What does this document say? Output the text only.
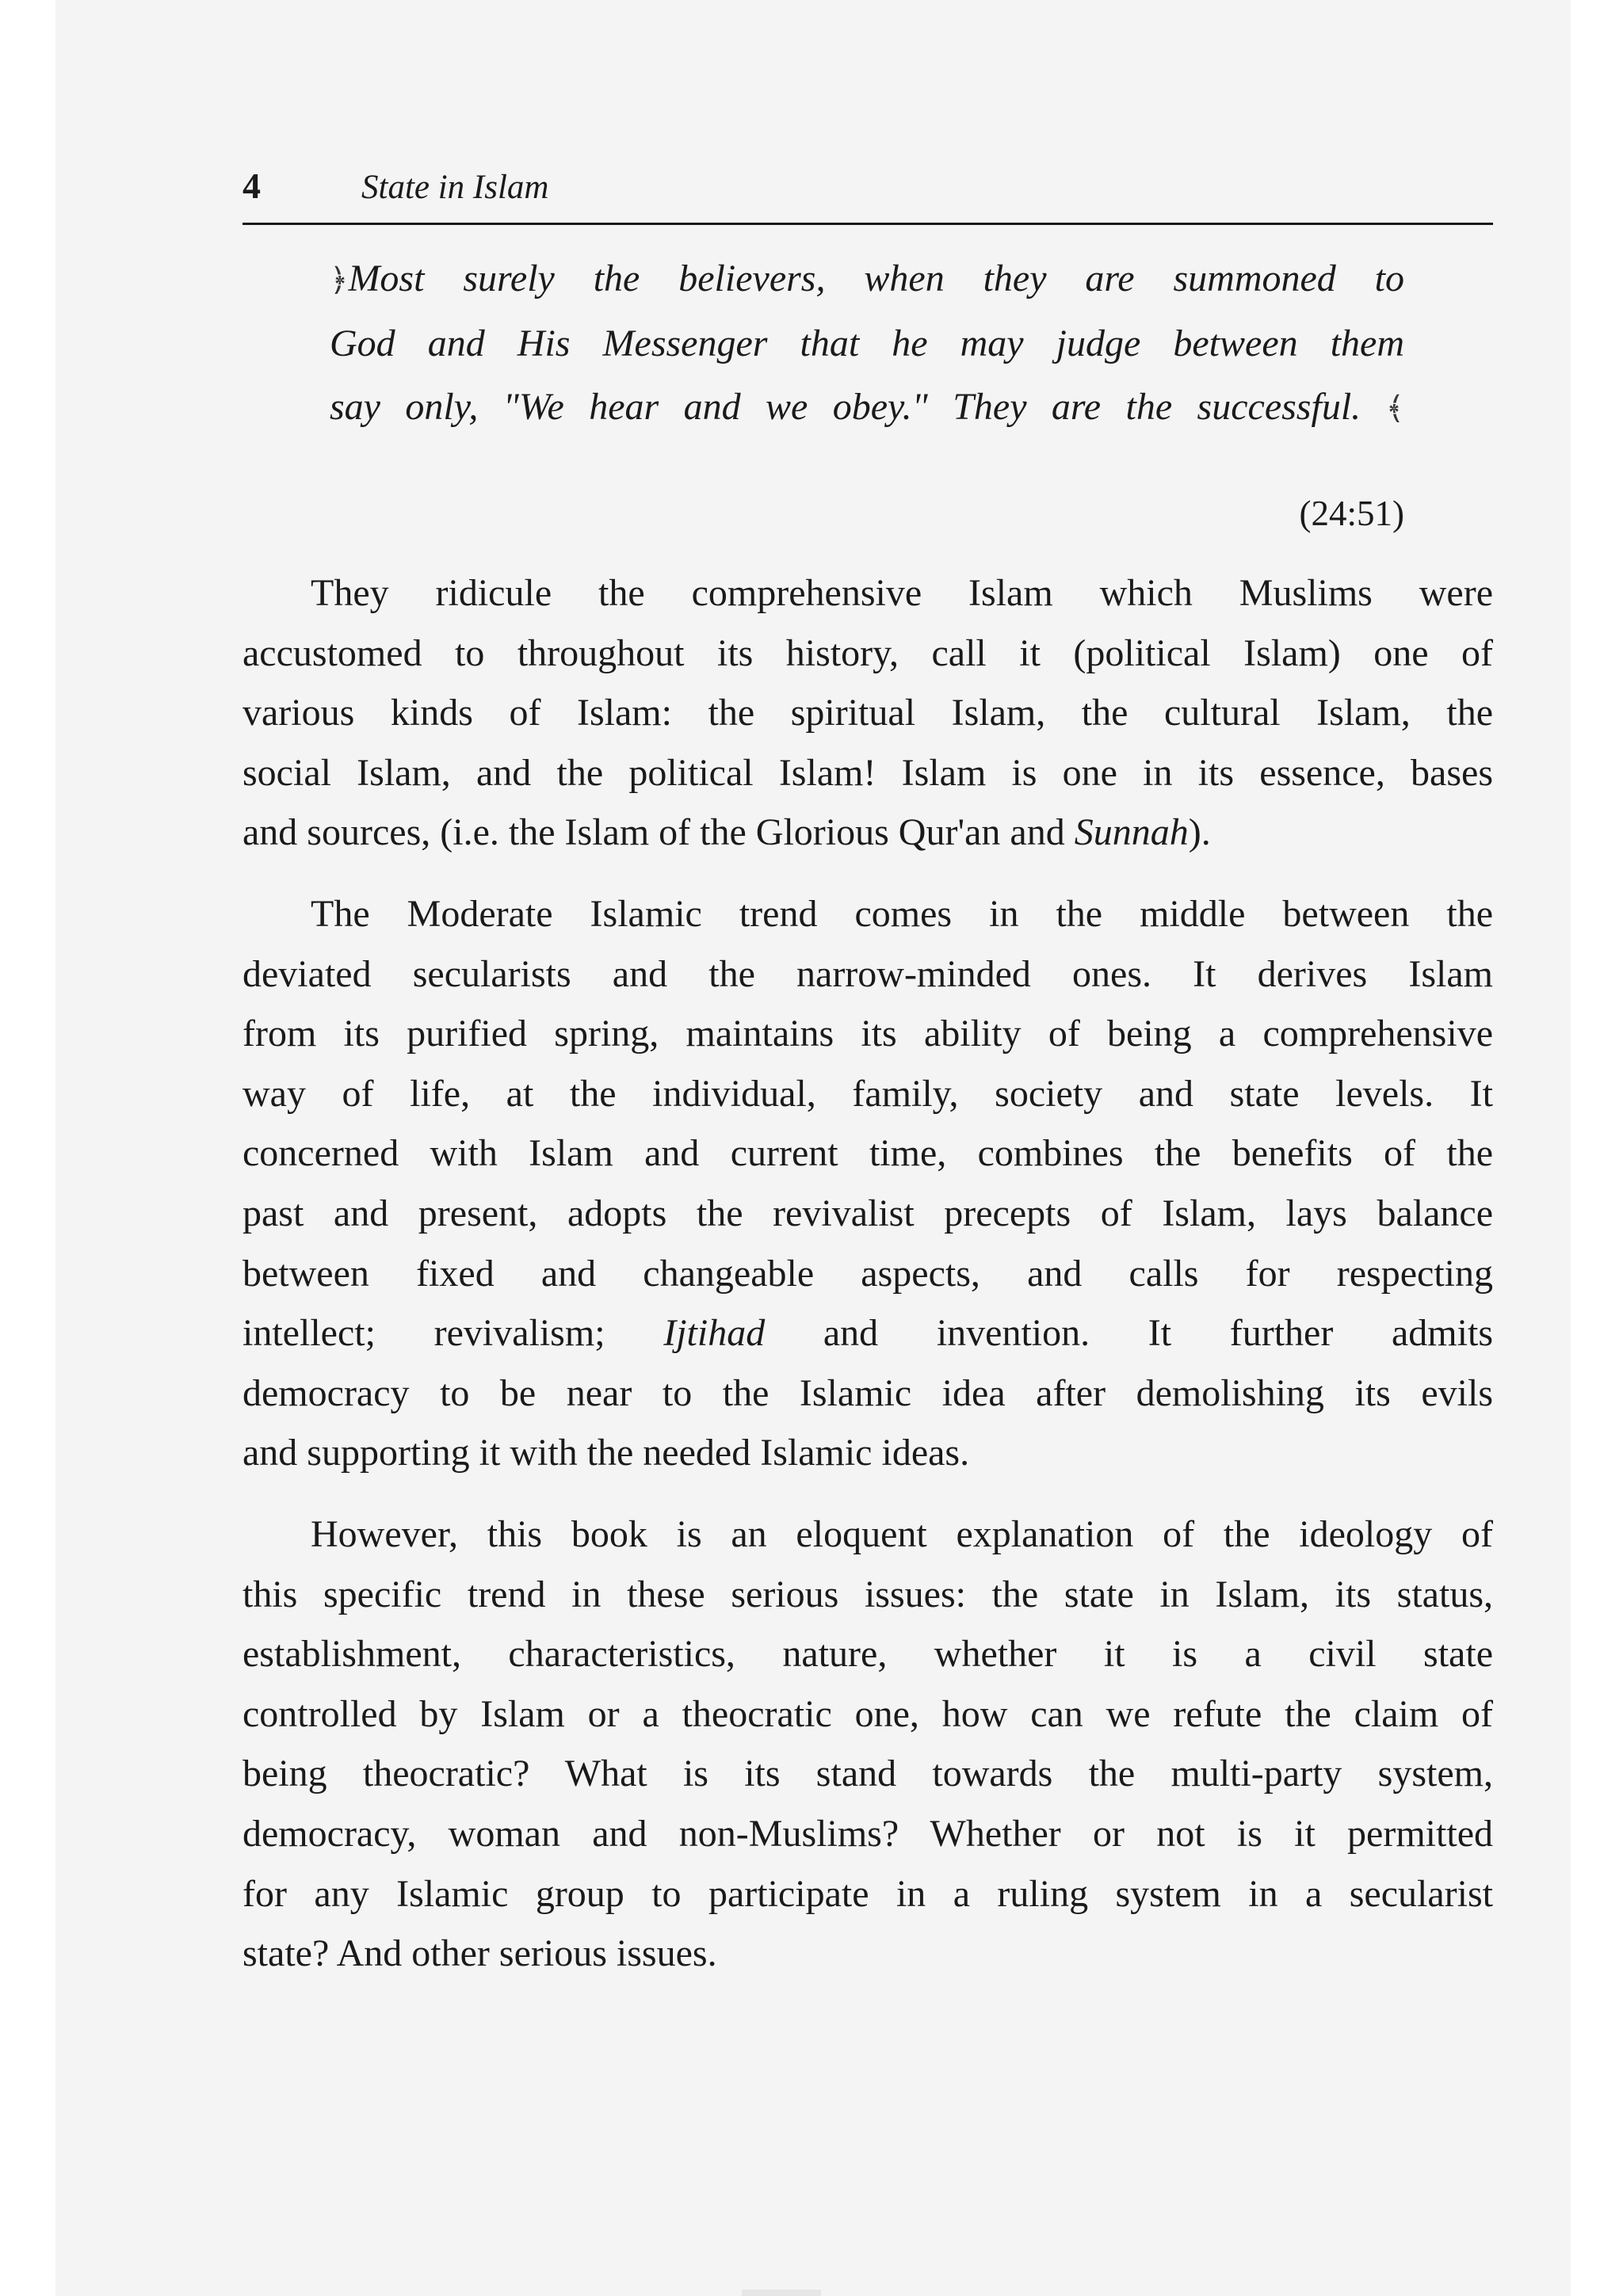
4	State in Islam
﴿Most surely the believers, when they are summoned to
God and His Messenger that he may judge between them
say only, "We hear and we obey." They are the successful. ﴾
(24:51)
They ridicule the comprehensive Islam which Muslims were
accustomed to throughout its history, call it (political Islam) one of
various kinds of Islam: the spiritual Islam, the cultural Islam, the
social Islam, and the political Islam! Islam is one in its essence, bases
and sources, (i.e. the Islam of the Glorious Qur'an and Sunnah).
The Moderate Islamic trend comes in the middle between the
deviated secularists and the narrow-minded ones. It derives Islam
from its purified spring, maintains its ability of being a comprehensive
way of life, at the individual, family, society and state levels. It
concerned with Islam and current time, combines the benefits of the
past and present, adopts the revivalist precepts of Islam, lays balance
between fixed and changeable aspects, and calls for respecting
intellect; revivalism; Ijtihad and invention. It further admits
democracy to be near to the Islamic idea after demolishing its evils
and supporting it with the needed Islamic ideas.
However, this book is an eloquent explanation of the ideology of
this specific trend in these serious issues: the state in Islam, its status,
establishment, characteristics, nature, whether it is a civil state
controlled by Islam or a theocratic one, how can we refute the claim of
being theocratic? What is its stand towards the multi-party system,
democracy, woman and non-Muslims? Whether or not is it permitted
for any Islamic group to participate in a ruling system in a secularist
state? And other serious issues.
